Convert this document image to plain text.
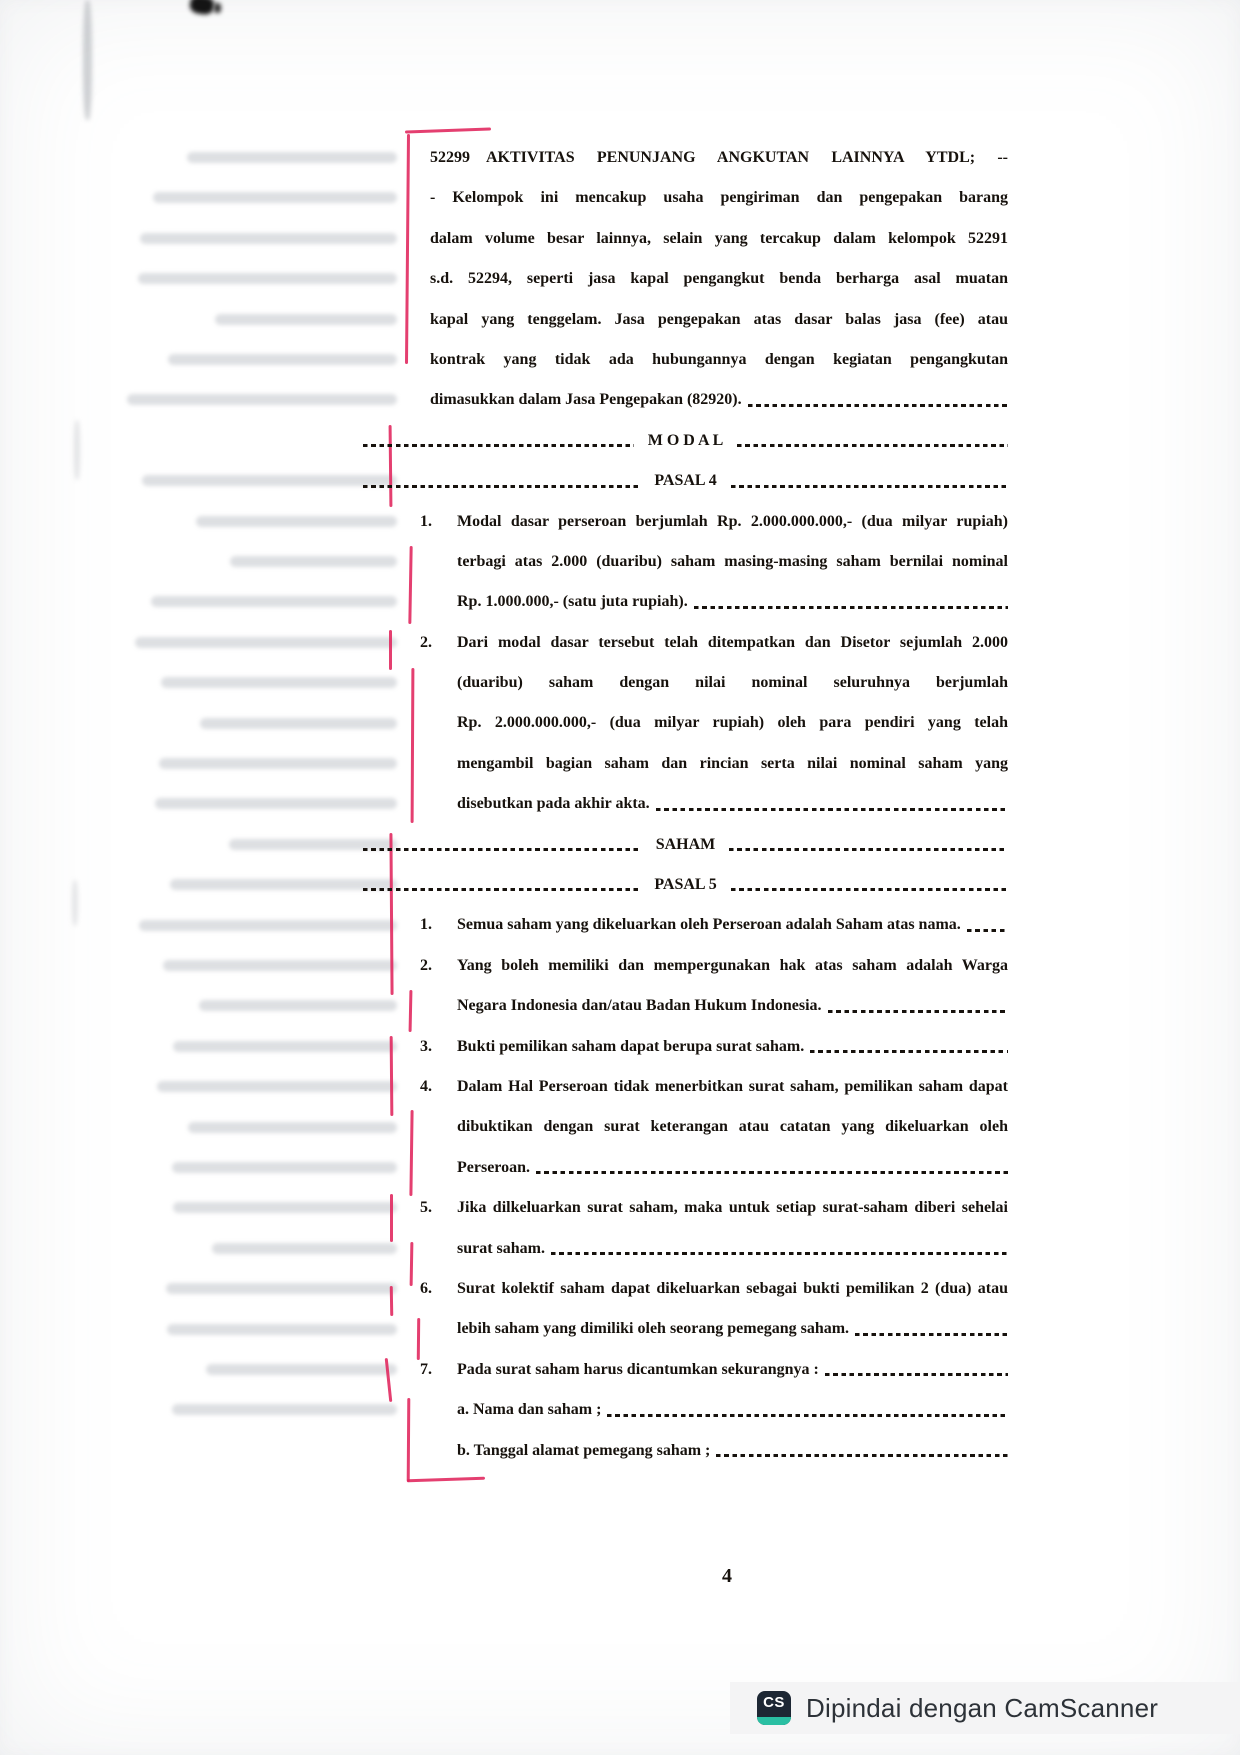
52299  AKTIVITAS PENUNJANG ANGKUTAN LAINNYA YTDL; --
- Kelompok ini mencakup usaha pengiriman dan pengepakan barang
dalam volume besar lainnya, selain yang tercakup dalam kelompok 52291
s.d. 52294, seperti jasa kapal pengangkut benda berharga asal muatan
kapal yang tenggelam. Jasa pengepakan atas dasar balas jasa (fee) atau
kontrak yang tidak ada hubungannya dengan kegiatan pengangkutan
dimasukkan dalam Jasa Pengepakan (82920).
M O D A L
PASAL 4
1.	Modal dasar perseroan berjumlah Rp. 2.000.000.000,- (dua milyar rupiah)
terbagi atas 2.000 (duaribu) saham masing-masing saham bernilai nominal
Rp. 1.000.000,- (satu juta rupiah).
2.	Dari modal dasar tersebut telah ditempatkan dan Disetor sejumlah 2.000
(duaribu) saham dengan nilai nominal seluruhnya berjumlah
Rp. 2.000.000.000,- (dua milyar rupiah) oleh para pendiri yang telah
mengambil bagian saham dan rincian serta nilai nominal saham yang
disebutkan pada akhir akta.
SAHAM
PASAL 5
1.	Semua saham yang dikeluarkan oleh Perseroan adalah Saham atas nama.
2.	Yang boleh memiliki dan mempergunakan hak atas saham adalah Warga
Negara Indonesia dan/atau Badan Hukum Indonesia.
3.	Bukti pemilikan saham dapat berupa surat saham.
4.	Dalam Hal Perseroan tidak menerbitkan surat saham, pemilikan saham dapat
dibuktikan dengan surat keterangan atau catatan yang dikeluarkan oleh
Perseroan.
5.	Jika dilkeluarkan surat saham, maka untuk setiap surat-saham diberi sehelai
surat saham.
6.	Surat kolektif saham dapat dikeluarkan sebagai bukti pemilikan 2 (dua) atau
lebih saham yang dimiliki oleh seorang pemegang saham.
7.	Pada surat saham harus dicantumkan sekurangnya :
a. Nama dan saham ;
b. Tanggal alamat pemegang saham ;
4
CS Dipindai dengan CamScanner
